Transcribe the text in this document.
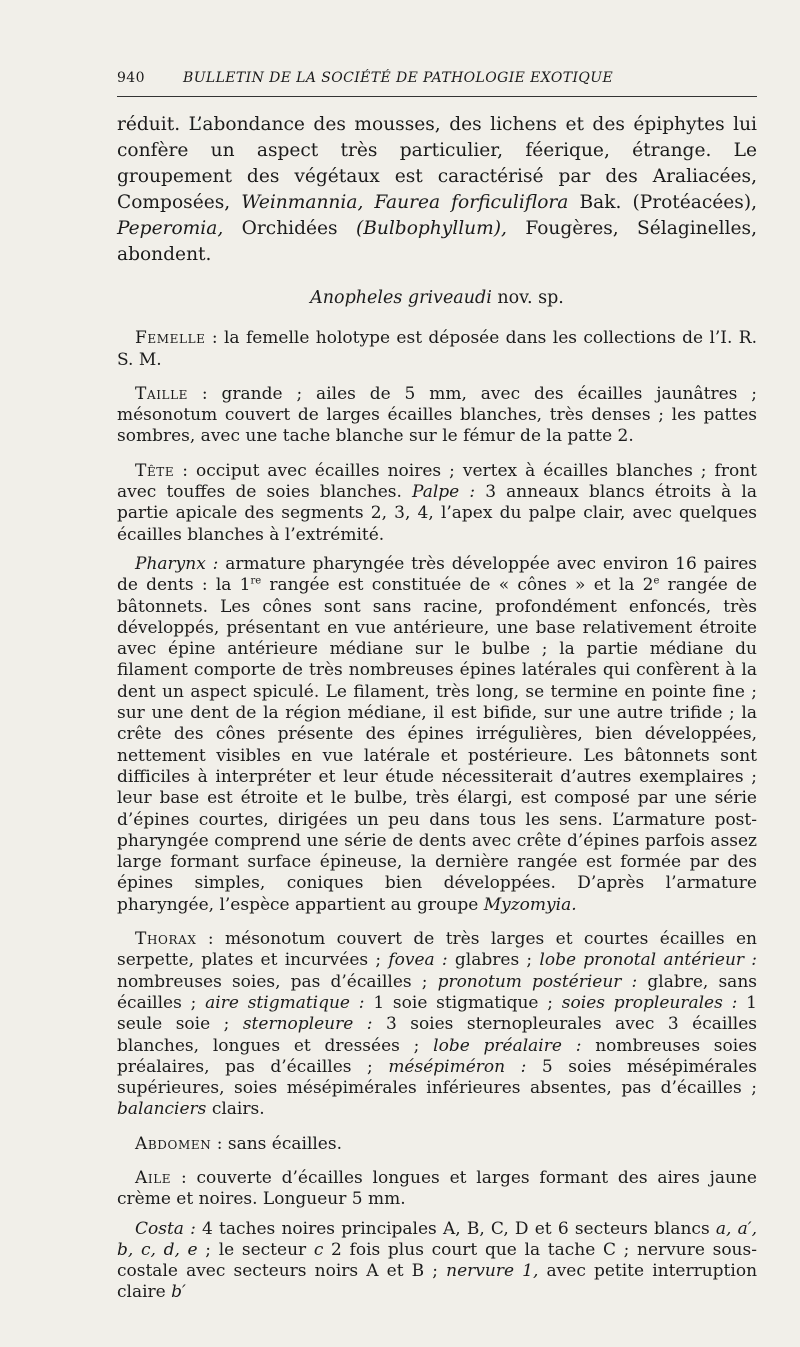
940	BULLETIN DE LA SOCIÉTÉ DE PATHOLOGIE EXOTIQUE

réduit. L’abondance des mousses, des lichens et des épiphytes lui confère un aspect très particulier, féerique, étrange. Le groupement des végétaux est caractérisé par des Araliacées, Composées, Weinmannia, Faurea forficuliflora Bak. (Protéacées), Peperomia, Orchidées (Bulbophyllum), Fougères, Sélaginelles, abondent.

Anopheles griveaudi nov. sp.

Femelle : la femelle holotype est déposée dans les collections de l’I. R. S. M.

Taille : grande ; ailes de 5 mm, avec des écailles jaunâtres ; mésonotum couvert de larges écailles blanches, très denses ; les pattes sombres, avec une tache blanche sur le fémur de la patte 2.

Tête : occiput avec écailles noires ; vertex à écailles blanches ; front avec touffes de soies blanches. Palpe : 3 anneaux blancs étroits à la partie apicale des segments 2, 3, 4, l’apex du palpe clair, avec quelques écailles blanches à l’extrémité.

Pharynx : armature pharyngée très développée avec environ 16 paires de dents : la 1re rangée est constituée de « cônes » et la 2e rangée de bâtonnets. Les cônes sont sans racine, profondément enfoncés, très développés, présentant en vue antérieure, une base relativement étroite avec épine antérieure médiane sur le bulbe ; la partie médiane du filament comporte de très nombreuses épines latérales qui confèrent à la dent un aspect spiculé. Le filament, très long, se termine en pointe fine ; sur une dent de la région médiane, il est bifide, sur une autre trifide ; la crête des cônes présente des épines irrégulières, bien développées, nettement visibles en vue latérale et postérieure. Les bâtonnets sont difficiles à interpréter et leur étude nécessiterait d’autres exemplaires ; leur base est étroite et le bulbe, très élargi, est composé par une série d’épines courtes, dirigées un peu dans tous les sens. L’armature post-pharyngée comprend une série de dents avec crête d’épines parfois assez large formant surface épineuse, la dernière rangée est formée par des épines simples, coniques bien développées. D’après l’armature pharyngée, l’espèce appartient au groupe Myzomyia.

Thorax : mésonotum couvert de très larges et courtes écailles en serpette, plates et incurvées ; fovea : glabres ; lobe pronotal antérieur : nombreuses soies, pas d’écailles ; pronotum postérieur : glabre, sans écailles ; aire stigmatique : 1 soie stigmatique ; soies propleurales : 1 seule soie ; sternopleure : 3 soies sternopleurales avec 3 écailles blanches, longues et dressées ; lobe préalaire : nombreuses soies préalaires, pas d’écailles ; mésépiméron : 5 soies mésépimérales supérieures, soies mésépimérales inférieures absentes, pas d’écailles ; balanciers clairs.

Abdomen : sans écailles.

Aile : couverte d’écailles longues et larges formant des aires jaune crème et noires. Longueur 5 mm.

Costa : 4 taches noires principales A, B, C, D et 6 secteurs blancs a, a′, b, c, d, e ; le secteur c 2 fois plus court que la tache C ; nervure sous-costale avec secteurs noirs A et B ; nervure 1, avec petite interruption claire b′
